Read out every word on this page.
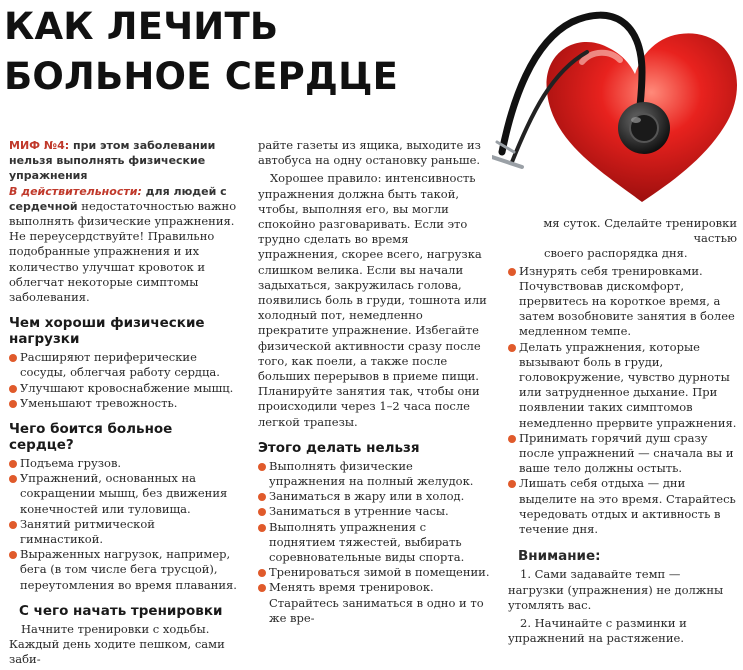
КАК ЛЕЧИТЬ БОЛЬНОЕ СЕРДЦЕ

МИФ №4: при этом заболевании нельзя выполнять физические упражнения
В действительности: для людей с сердечной недостаточностью важно выполнять физические упражнения. Не переусердствуйте! Правильно подобранные упражнения и их количество улучшат кровоток и облегчат некоторые симптомы заболевания.

Чем хороши физические нагрузки
Расширяют периферические сосуды, облегчая работу сердца.
Улучшают кровоснабжение мышц.
Уменьшают тревожность.
Чего боится больное сердце?
Подъема грузов.
Упражнений, основанных на сокращении мышц, без движения конечностей или туловища.
Занятий ритмической гимнастикой.
Выраженных нагрузок, например, бега (в том числе бега трусцой), переутомления во время плавания.
С чего начать тренировки

Начните тренировки с ходьбы. Каждый день ходите пешком, сами заби-

райте газеты из ящика, выходите из автобуса на одну остановку раньше.

Хорошее правило: интенсивность упражнения должна быть такой, чтобы, выполняя его, вы могли спокойно разговаривать. Если это трудно сделать во время упражнения, скорее всего, нагрузка слишком велика. Если вы начали задыхаться, закружилась голова, появились боль в груди, тошнота или холодный пот, немедленно прекратите упражнение. Избегайте физической активности сразу после того, как поели, а также после больших перерывов в приеме пищи. Планируйте занятия так, чтобы они происходили через 1–2 часа после легкой трапезы.

Этого делать нельзя
Выполнять физические упражнения на полный желудок.
Заниматься в жару или в холод.
Заниматься в утренние часы.
Выполнять упражнения с поднятием тяжестей, выбирать соревновательные виды спорта.
Тренироваться зимой в помещении.
Менять время тренировок. Старайтесь заниматься в одно и то же вре-

мя суток. Сделайте тренировки частью

своего распорядка дня.

Изнурять себя тренировками. Почувствовав дискомфорт, прервитесь на короткое время, а затем возобновите занятия в более медленном темпе.
Делать упражнения, которые вызывают боль в груди, головокружение, чувство дурноты или затрудненное дыхание. При появлении таких симптомов немедленно прервите упражнения.
Принимать горячий душ сразу после упражнений — сначала вы и ваше тело должны остыть.
Лишать себя отдыха — дни выделите на это время. Старайтесь чередовать отдых и активность в течение дня.
Внимание:

1. Сами задавайте темп — нагрузки (упражнения) не должны утомлять вас.

2. Начинайте с разминки и упражнений на растяжение.
